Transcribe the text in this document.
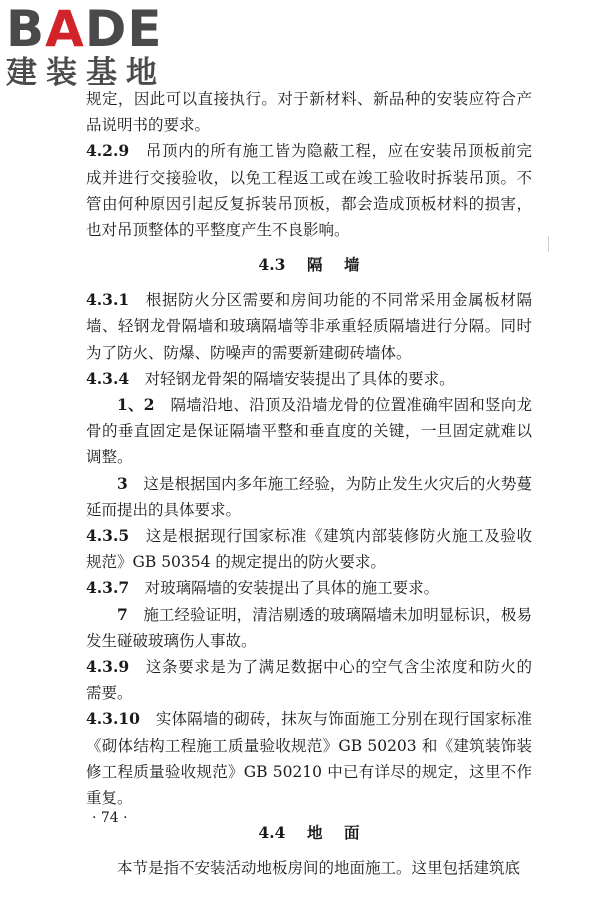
BADE
建装基地

规定，因此可以直接执行。对于新材料、新品种的安装应符合产品说明书的要求。

4.2.9　 吊顶内的所有施工皆为隐蔽工程，应在安装吊顶板前完成并进行交接验收，以免工程返工或在竣工验收时拆装吊顶。不管由何种原因引起反复拆装吊顶板，都会造成顶板材料的损害，也对吊顶整体的平整度产生不良影响。

4.3    隔    墙

4.3.1　 根据防火分区需要和房间功能的不同常采用金属板材隔墙、轻钢龙骨隔墙和玻璃隔墙等非承重轻质隔墙进行分隔。同时为了防火、防爆、防噪声的需要新建砌砖墙体。

4.3.4　 对轻钢龙骨架的隔墙安装提出了具体的要求。

1、2　 隔墙沿地、沿顶及沿墙龙骨的位置准确牢固和竖向龙骨的垂直固定是保证隔墙平整和垂直度的关键，一旦固定就难以调整。

3　 这是根据国内多年施工经验，为防止发生火灾后的火势蔓延而提出的具体要求。

4.3.5　 这是根据现行国家标准《建筑内部装修防火施工及验收规范》GB 50354 的规定提出的防火要求。

4.3.7　 对玻璃隔墙的安装提出了具体的施工要求。

7　 施工经验证明，清洁剔透的玻璃隔墙未加明显标识，极易发生碰破玻璃伤人事故。

4.3.9　 这条要求是为了满足数据中心的空气含尘浓度和防火的需要。

4.3.10　 实体隔墙的砌砖，抹灰与饰面施工分别在现行国家标准《砌体结构工程施工质量验收规范》GB 50203 和《建筑装饰装修工程质量验收规范》GB 50210 中已有详尽的规定，这里不作重复。

4.4    地    面

本节是指不安装活动地板房间的地面施工。这里包括建筑底

· 74 ·
